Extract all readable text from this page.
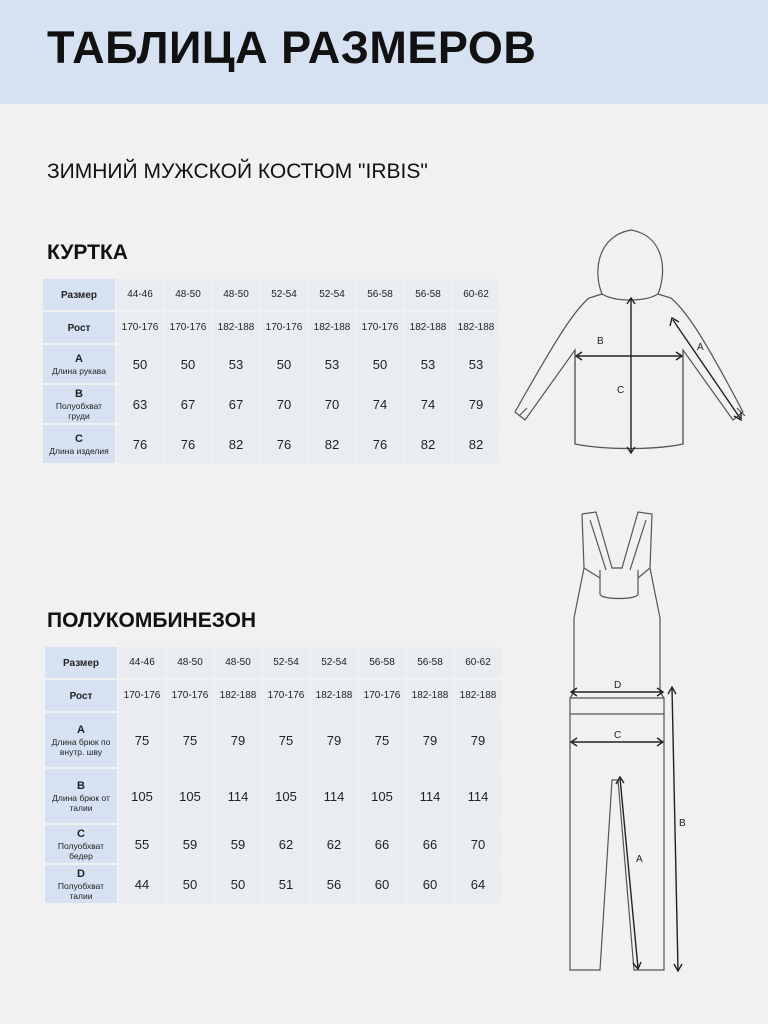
ТАБЛИЦА РАЗМЕРОВ
ЗИМНИЙ МУЖСКОЙ КОСТЮМ "IRBIS"
КУРТКА
Размер	44-46	48-50	48-50	52-54	52-54	56-58	56-58	60-62
Рост	170-176	170-176	182-188	170-176	182-188	170-176	182-188	182-188

А
Длина рукава	50	50	53	50	53	50	53	53

В
Полуобхват
груди	63	67	67	70	70	74	74	79

С
Длина изделия	76	76	82	76	82	76	82	82
ПОЛУКОМБИНЕЗОН
Размер	44-46	48-50	48-50	52-54	52-54	56-58	56-58	60-62
Рост	170-176	170-176	182-188	170-176	182-188	170-176	182-188	182-188

А
Длина брюк по
внутр. шву	75	75	79	75	79	75	79	79

В
Длина брюк от
талии	105	105	114	105	114	105	114	114

С
Полуобхват
бедер	55	59	59	62	62	66	66	70

D
Полуобхват
талии	44	50	50	51	56	60	60	64
B
C
A
D
C
B
A
